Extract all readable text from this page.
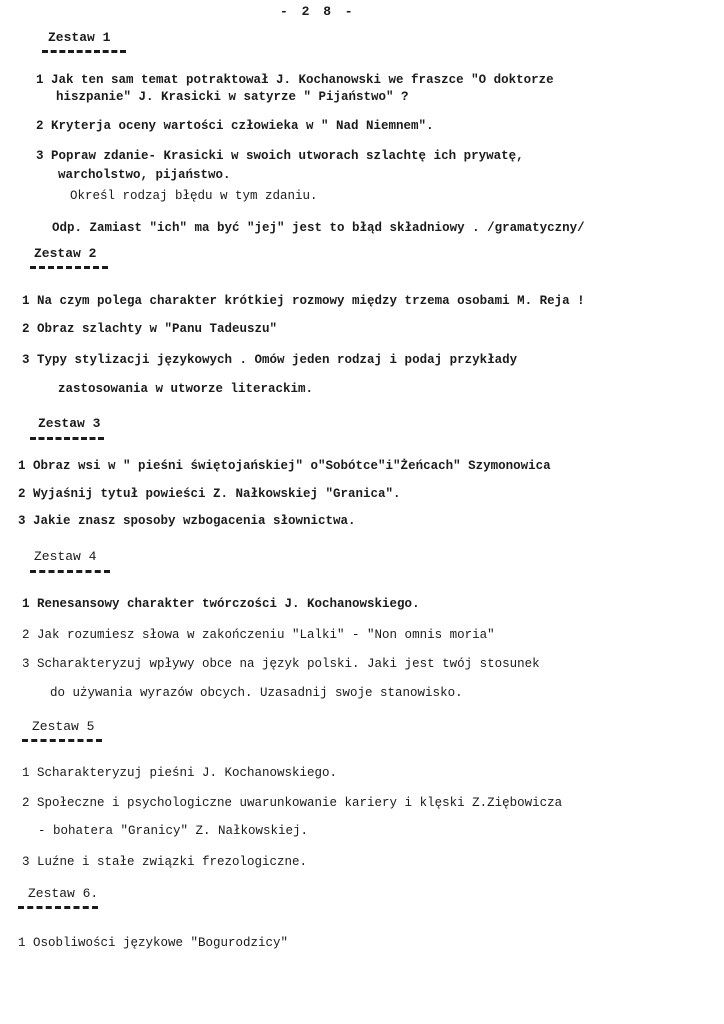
- 2 8 -
Zestaw 1
1 Jak ten sam temat potraktował J. Kochanowski we fraszce "O doktorze
hiszpanie" J. Krasicki w satyrze " Pijaństwo" ?
2 Kryterja oceny wartości człowieka w " Nad Niemnem".
3 Popraw zdanie- Krasicki w swoich utworach szlachtę ich prywatę,
warcholstwo, pijaństwo.
Określ rodzaj błędu w tym zdaniu.
Odp. Zamiast "ich" ma być "jej" jest to błąd składniowy . /gramatyczny/
Zestaw 2
1 Na czym polega charakter krótkiej rozmowy między trzema osobami M. Reja !
2 Obraz szlachty w "Panu Tadeuszu"
3 Typy stylizacji językowych . Omów jeden rodzaj i podaj przykłady
zastosowania w utworze literackim.
Zestaw 3
1 Obraz wsi w " pieśni świętojańskiej" o"Sobótce"i"Żeńcach" Szymonowica
2 Wyjaśnij tytuł powieści Z. Nałkowskiej "Granica".
3 Jakie znasz sposoby wzbogacenia słownictwa.
Zestaw 4
1 Renesansowy charakter twórczości J. Kochanowskiego.
2 Jak rozumiesz słowa w zakończeniu "Lalki" - "Non omnis moria"
3 Scharakteryzuj wpływy obce na język polski. Jaki jest twój stosunek
do używania wyrazów obcych. Uzasadnij swoje stanowisko.
Zestaw 5
1 Scharakteryzuj pieśni J. Kochanowskiego.
2 Społeczne i psychologiczne uwarunkowanie kariery i klęski Z.Ziębowicza
- bohatera "Granicy" Z. Nałkowskiej.
3 Luźne i stałe związki frezologiczne.
Zestaw 6.
1 Osobliwości językowe "Bogurodzicy"
